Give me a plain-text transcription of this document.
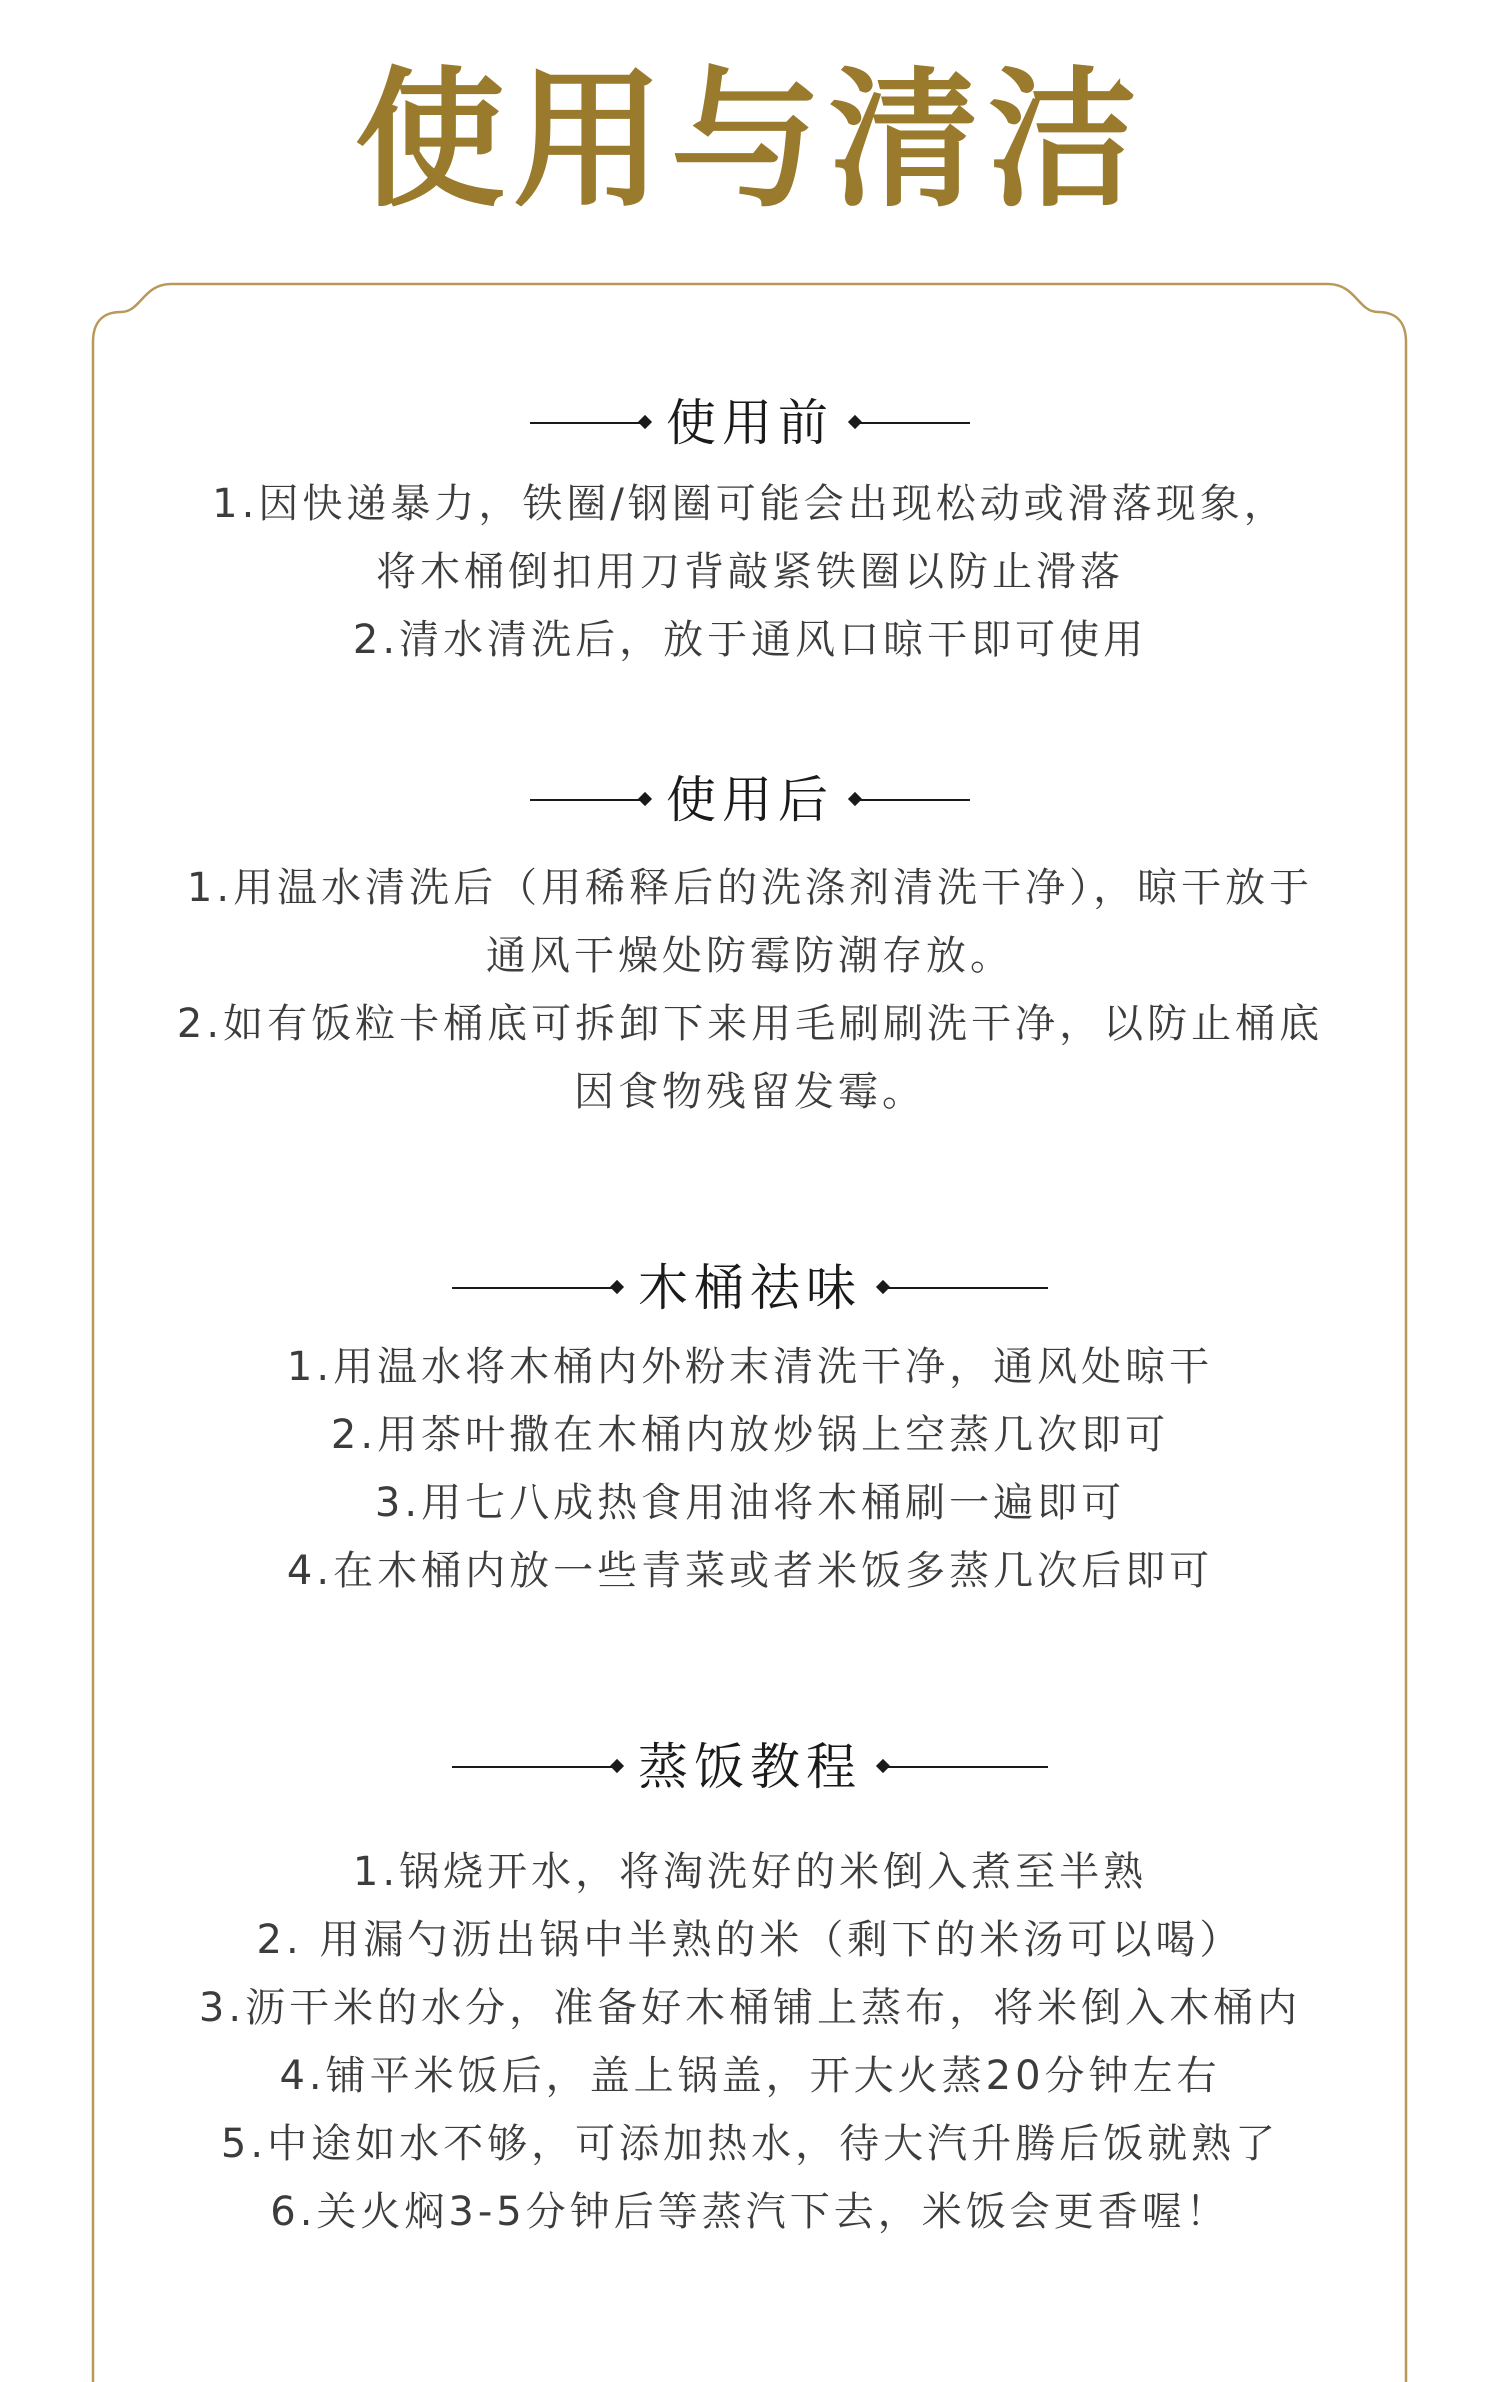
使用与清洁
使用前

1.因快递暴力，铁圈/钢圈可能会出现松动或滑落现象，

将木桶倒扣用刀背敲紧铁圈以防止滑落

2.清水清洗后，放于通风口晾干即可使用

使用后

1.用温水清洗后（用稀释后的洗涤剂清洗干净），晾干放于

通风干燥处防霉防潮存放。

2.如有饭粒卡桶底可拆卸下来用毛刷刷洗干净，以防止桶底

因食物残留发霉。

木桶祛味

1.用温水将木桶内外粉末清洗干净，通风处晾干

2.用茶叶撒在木桶内放炒锅上空蒸几次即可

3.用七八成热食用油将木桶刷一遍即可

4.在木桶内放一些青菜或者米饭多蒸几次后即可

蒸饭教程

1.锅烧开水，将淘洗好的米倒入煮至半熟

2. 用漏勺沥出锅中半熟的米（剩下的米汤可以喝）

3.沥干米的水分，准备好木桶铺上蒸布，将米倒入木桶内

4.铺平米饭后，盖上锅盖，开大火蒸20分钟左右

5.中途如水不够，可添加热水，待大汽升腾后饭就熟了

6.关火焖3-5分钟后等蒸汽下去，米饭会更香喔！
